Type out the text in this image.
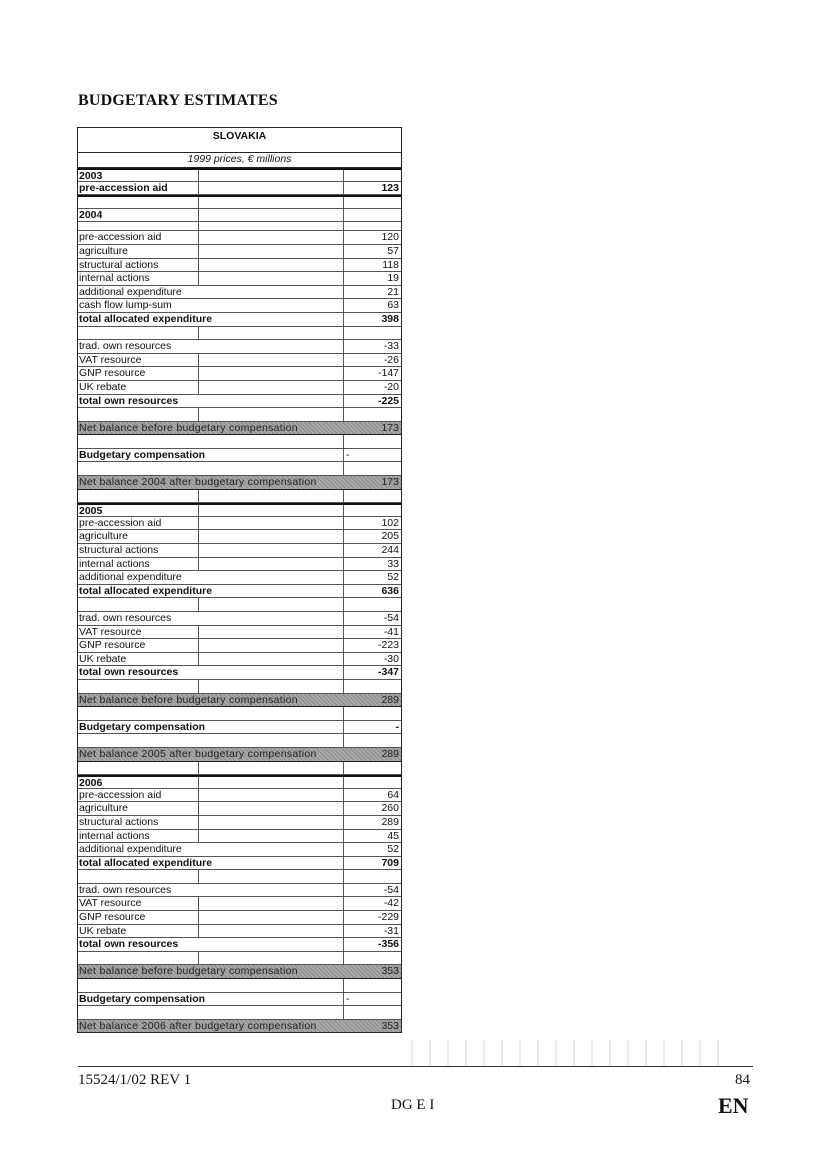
BUDGETARY ESTIMATES
SLOVAKIA
1999 prices, € millions
2003
pre-accession aid	123
2004
pre-accession aid	120
agriculture	57
structural actions	118
internal actions	19
additional expenditure	21
cash flow lump-sum	63
total allocated expenditure	398
trad. own resources	-33
VAT resource	-26
GNP resource	-147
UK rebate	-20
total own resources	-225
Net balance before budgetary compensation	173
Budgetary compensation	-
Net balance 2004 after budgetary compensation	173
2005
pre-accession aid	102
agriculture	205
structural actions	244
internal actions	33
additional expenditure	52
total allocated expenditure	636
trad. own resources	-54
VAT resource	-41
GNP resource	-223
UK rebate	-30
total own resources	-347
Net balance before budgetary compensation	289
Budgetary compensation	-
Net balance 2005 after budgetary compensation	289
2006
pre-accession aid	64
agriculture	260
structural actions	289
internal actions	45
additional expenditure	52
total allocated expenditure	709
trad. own resources	-54
VAT resource	-42
GNP resource	-229
UK rebate	-31
total own resources	-356
Net balance before budgetary compensation	353
Budgetary compensation	-
Net balance 2006 after budgetary compensation	353
15524/1/02 REV 1	84
DG E I	EN
